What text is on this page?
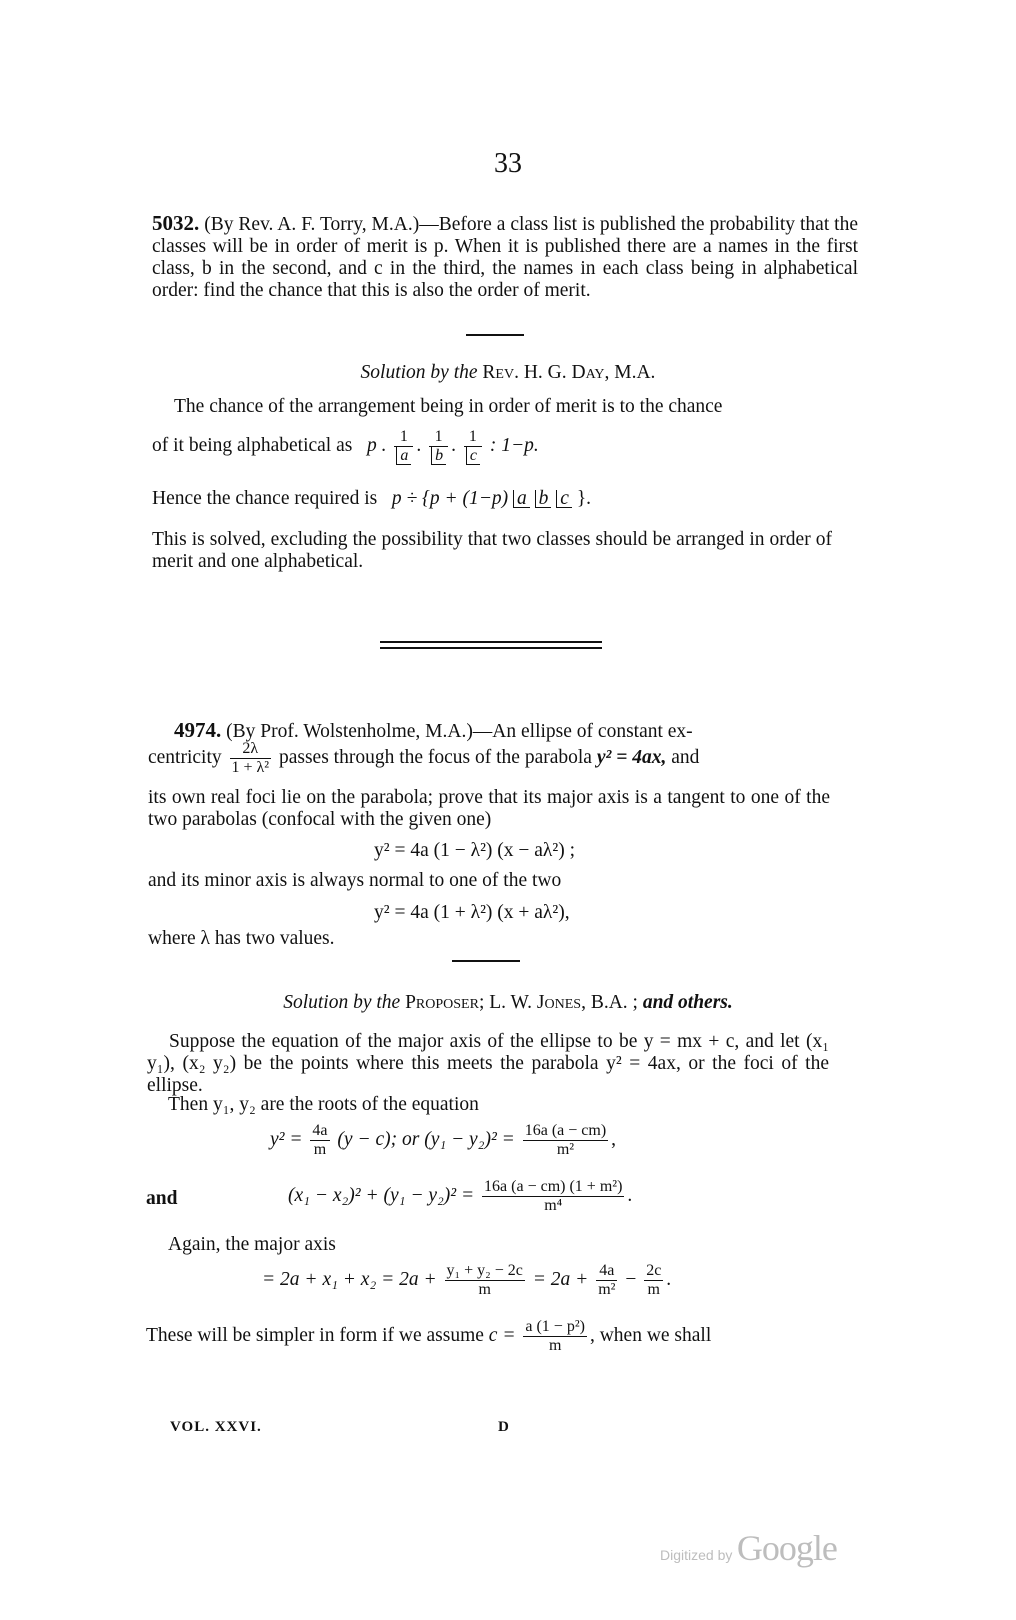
33
5032. (By Rev. A. F. Torry, M.A.)—Before a class list is published the probability that the classes will be in order of merit is p. When it is published there are a names in the first class, b in the second, and c in the third, the names in each class being in alphabetical order: find the chance that this is also the order of merit.
Solution by the Rev. H. G. Day, M.A.
The chance of the arrangement being in order of merit is to the chance
of it being alphabetical as p . $\frac{1}{a}$ . $\frac{1}{b}$ . $\frac{1}{c}$ : 1−p.
Hence the chance required is p ÷ {p + (1−p) a b c }.
This is solved, excluding the possibility that two classes should be arranged in order of merit and one alphabetical.
4974. (By Prof. Wolstenholme, M.A.)—An ellipse of constant ex-
centricity $\frac{2\lambda}{\text{1 + λ²}}$ passes through the focus of the parabola y² = 4ax, and
its own real foci lie on the parabola; prove that its major axis is a tangent to one of the two parabolas (confocal with the given one)
y² = 4a (1 − λ²) (x − aλ²) ;
and its minor axis is always normal to one of the two
y² = 4a (1 + λ²) (x + aλ²),
where λ has two values.
Solution by the Proposer; L. W. Jones, B.A. ; and others.
Suppose the equation of the major axis of the ellipse to be y = mx + c, and let (x₁ y₁), (x₂ y₂) be the points where this meets the parabola y² = 4ax, or the foci of the ellipse.
Then y₁, y₂ are the roots of the equation
$y^2 = \frac{4a}{m} (y - c)$; or $(y_1 - y_2)^2 = \frac{16a (a - cm)}{\text{m²}}$ ,
and	$(x_1 - x_2)^2 + (y_1 - y_2)^2 = \frac{\text{16a (a − cm) (1 + m²)}}{\text{m⁴}}$ .
Again, the major axis
= $2a + x_1 + x_2 = 2a + \frac{\text{y₁ + y₂ − 2c}}{m} = 2a + \frac{4a}{\text{m²}} - \frac{2c}{m}$ .
These will be simpler in form if we assume $c = \frac{\text{a (1 − p²)}}{m}$ , when we shall
VOL. XXVI.	D
Digitized by Google
